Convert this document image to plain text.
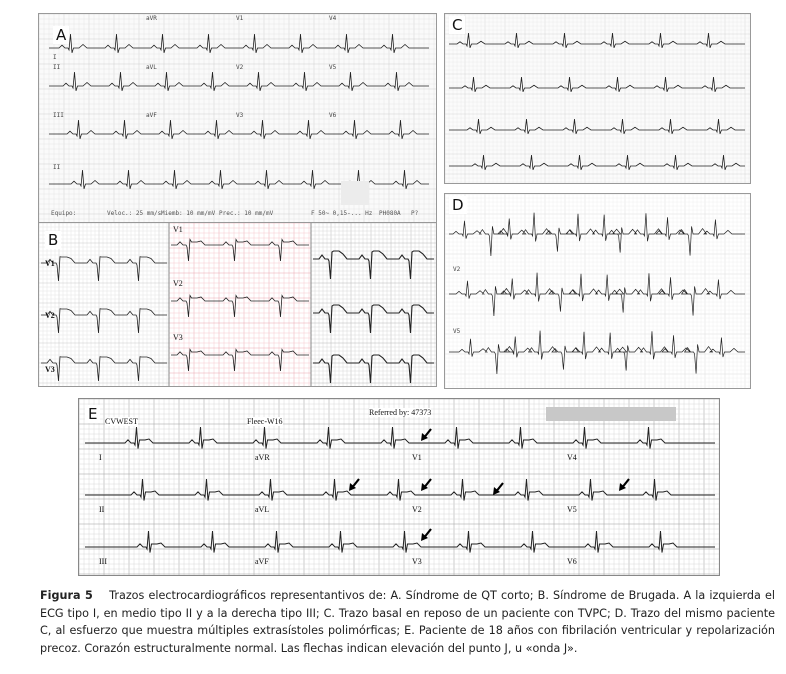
A
I
aVR	V1	V4
II	aVL	V2	V5
III	aVF	V3	V6
II
Equipo:	Veloc.: 25 mm/s Miemb: 10 mm/mV Prec.: 10 mm/mV	F 50~ 0,15-... Hz PH080A P?
B
V1
V2
V3
V1
V2
V3
C
D
V2
V5
E CVWEST	Fleec-W16
Referred by: 47373
I	aVR	V1	V4
II	aVL	V2	V5
III	aVF	V3	V6
Figura 5 Trazos electrocardiográficos representantivos de: A. Síndrome de QT corto; B. Síndrome de Brugada. A la izquierda el ECG tipo I, en medio tipo II y a la derecha tipo III; C. Trazo basal en reposo de un paciente con TVPC; D. Trazo del mismo paciente C, al esfuerzo que muestra múltiples extrasístoles polimórficas; E. Paciente de 18 años con fibrilación ventricular y repolarización precoz. Corazón estructuralmente normal. Las flechas indican elevación del punto J, u «onda J».
